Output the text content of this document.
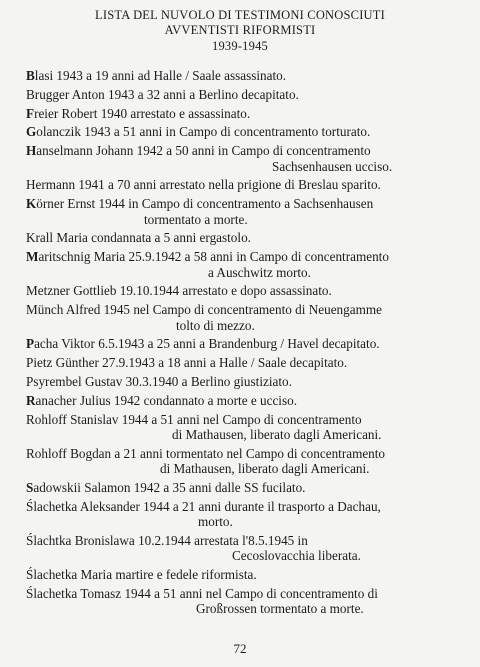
LISTA DEL NUVOLO DI TESTIMONI CONOSCIUTI
AVVENTISTI RIFORMISTI
1939-1945
Blasi 1943 a 19 anni ad Halle / Saale assassinato.
Brugger Anton 1943 a 32 anni a Berlino decapitato.
Freier Robert 1940 arrestato e assassinato.
Golanczik 1943 a 51 anni in Campo di concentramento torturato.
Hanselmann Johann 1942 a 50 anni in Campo di concentramento
Sachsenhausen ucciso.
Hermann 1941 a 70 anni arrestato nella prigione di Breslau sparito.
Körner Ernst 1944 in Campo di concentramento a Sachsenhausen
tormentato a morte.
Krall Maria condannata a 5 anni ergastolo.
Maritschnig Maria 25.9.1942 a 58 anni in Campo di concentramento
a Auschwitz morto.
Metzner Gottlieb 19.10.1944 arrestato e dopo assassinato.
Münch Alfred 1945 nel Campo di concentramento di Neuengamme
tolto di mezzo.
Pacha Viktor 6.5.1943 a 25 anni a Brandenburg / Havel decapitato.
Pietz Günther 27.9.1943 a 18 anni a Halle / Saale decapitato.
Psyrembel Gustav 30.3.1940 a Berlino giustiziato.
Ranacher Julius 1942 condannato a morte e ucciso.
Rohloff Stanislav 1944 a 51 anni nel Campo di concentramento
di Mathausen, liberato dagli Americani.
Rohloff Bogdan a 21 anni tormentato nel Campo di concentramento
di Mathausen, liberato dagli Americani.
Sadowskii Salamon 1942 a 35 anni dalle SS fucilato.
Ślachetka Aleksander 1944 a 21 anni durante il trasporto a Dachau,
morto.
Ślachtka Bronislawa 10.2.1944 arrestata l'8.5.1945 in
Cecoslovacchia liberata.
Ślachetka Maria martire e fedele riformista.
Ślachetka Tomasz 1944 a 51 anni nel Campo di concentramento di
Großrossen tormentato a morte.
72
